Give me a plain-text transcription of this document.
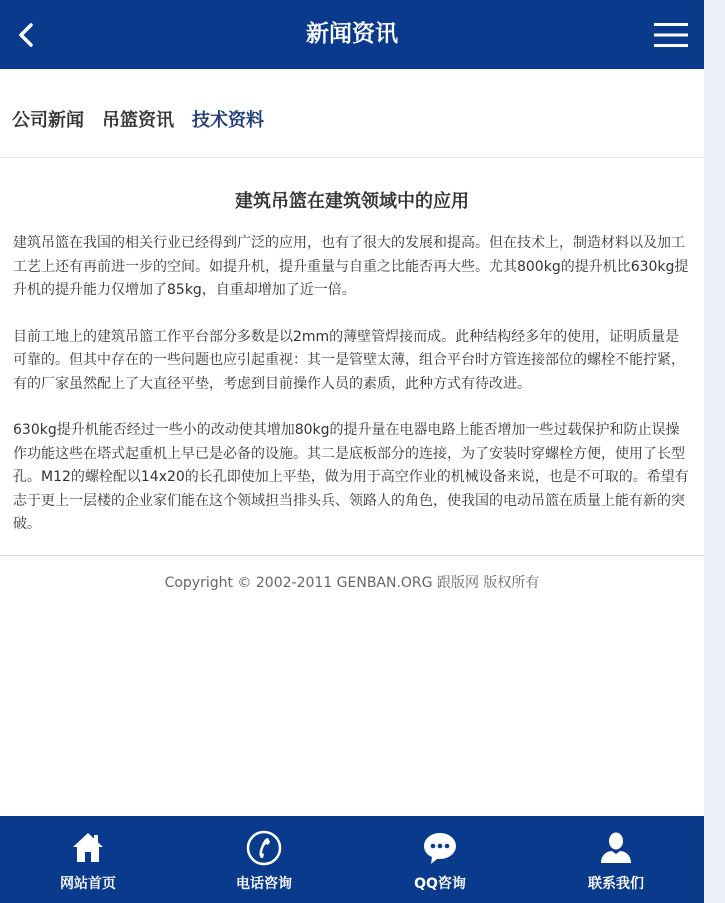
新闻资讯
公司新闻 吊篮资讯 技术资料
建筑吊篮在建筑领域中的应用

建筑吊篮在我国的相关行业已经得到广泛的应用，也有了很大的发展和提高。但在技术上，制造材料以及加工工艺上还有再前进一步的空间。如提升机，提升重量与自重之比能否再大些。尤其800kg的提升机比630kg提升机的提升能力仅增加了85kg，自重却增加了近一倍。

目前工地上的建筑吊篮工作平台部分多数是以2mm的薄壁管焊接而成。此种结构经多年的使用，证明质量是可靠的。但其中存在的一些问题也应引起重视：其一是管壁太薄，组合平台时方管连接部位的螺栓不能拧紧，有的厂家虽然配上了大直径平垫，考虑到目前操作人员的素质，此种方式有待改进。

630kg提升机能否经过一些小的改动使其增加80kg的提升量在电器电路上能否增加一些过载保护和防止误操作功能这些在塔式起重机上早已是必备的设施。其二是底板部分的连接，为了安装时穿螺栓方便，使用了长型孔。M12的螺栓配以14x20的长孔即使加上平垫，做为用于高空作业的机械设备来说，也是不可取的。希望有志于更上一层楼的企业家们能在这个领域担当排头兵、领路人的角色，使我国的电动吊篮在质量上能有新的突破。

Copyright © 2002-2011 GENBAN.ORG 跟版网 版权所有
网站首页	电话咨询	QQ咨询	联系我们
